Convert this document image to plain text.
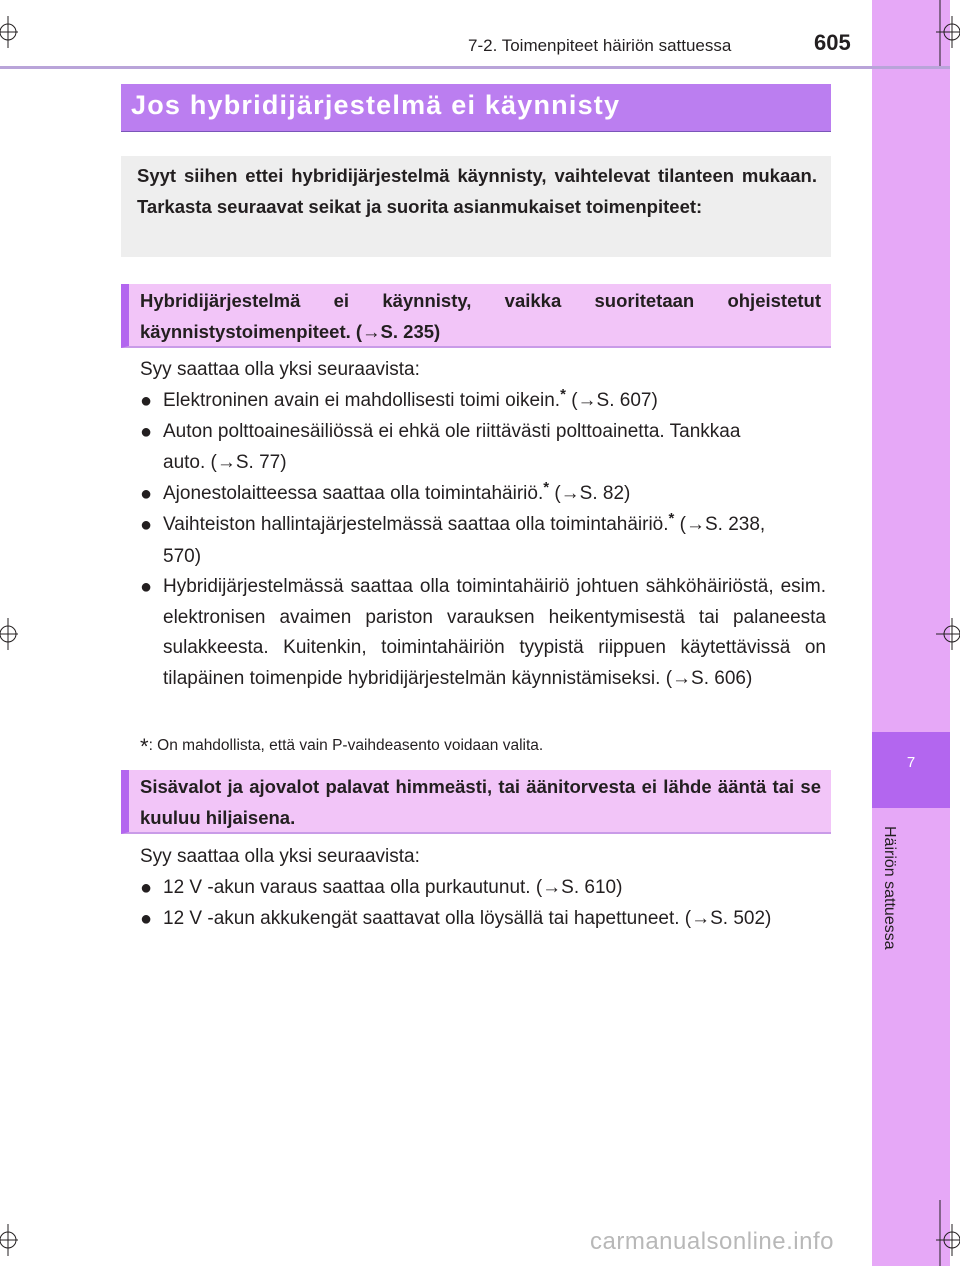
7
Häiriön sattuessa
7-2. Toimenpiteet häiriön sattuessa	605
Jos hybridijärjestelmä ei käynnisty
Syyt siihen ettei hybridijärjestelmä käynnisty, vaihtelevat tilanteen mukaan. Tarkasta seuraavat seikat ja suorita asianmukaiset toimenpiteet:
Hybridijärjestelmä ei käynnisty, vaikka suoritetaan ohjeistetut käynnistystoimenpiteet. (→S. 235)
Syy saattaa olla yksi seuraavista:
● Elektroninen avain ei mahdollisesti toimi oikein.* (→S. 607)
● Auton polttoainesäiliössä ei ehkä ole riittävästi polttoainetta. Tankkaa auto. (→S. 77)
● Ajonestolaitteessa saattaa olla toimintahäiriö.* (→S. 82)
● Vaihteiston hallintajärjestelmässä saattaa olla toimintahäiriö.* (→S. 238, 570)
● Hybridijärjestelmässä saattaa olla toimintahäiriö johtuen sähköhäiriöstä, esim. elektronisen avaimen pariston varauksen heikentymisestä tai palaneesta sulakkeesta. Kuitenkin, toimintahäiriön tyypistä riippuen käytettävissä on tilapäinen toimenpide hybridijärjestelmän käynnistämiseksi. (→S. 606)
*: On mahdollista, että vain P-vaihdeasento voidaan valita.
Sisävalot ja ajovalot palavat himmeästi, tai äänitorvesta ei lähde ääntä tai se kuuluu hiljaisena.
Syy saattaa olla yksi seuraavista:
● 12 V -akun varaus saattaa olla purkautunut. (→S. 610)
● 12 V -akun akkukengät saattavat olla löysällä tai hapettuneet. (→S. 502)
carmanualsonline.info
